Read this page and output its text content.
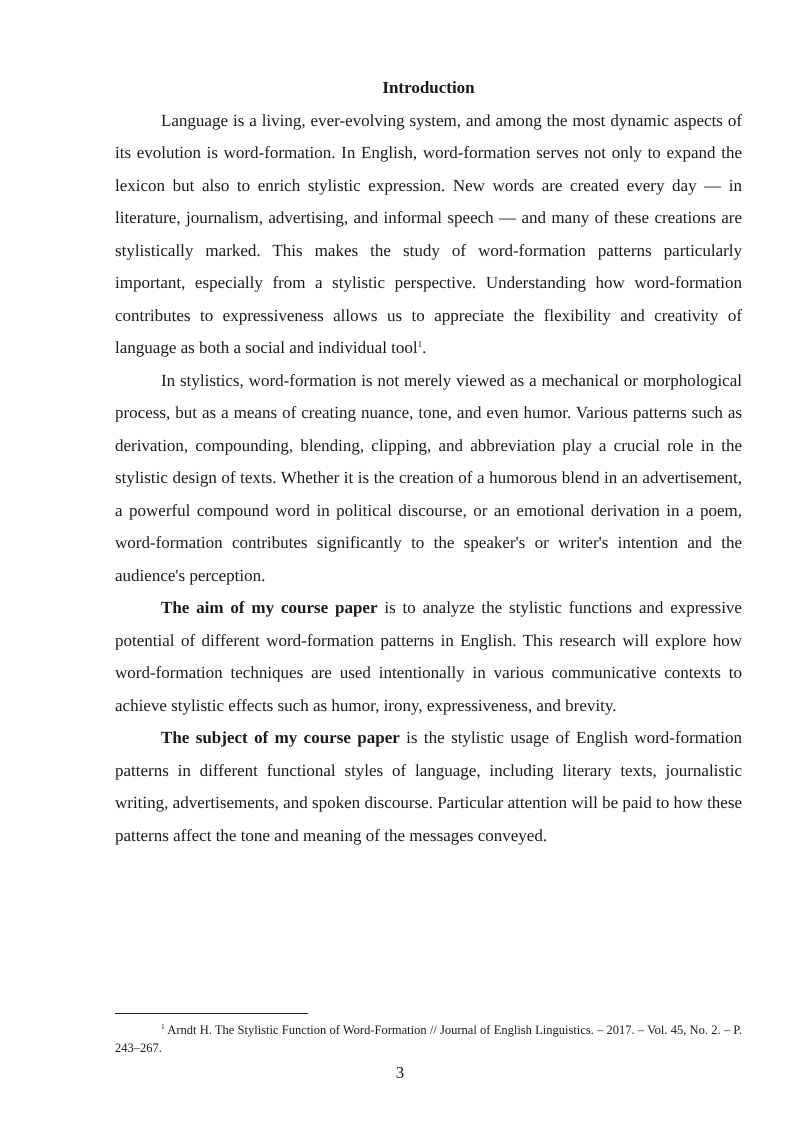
Introduction

Language is a living, ever-evolving system, and among the most dynamic aspects of its evolution is word-formation. In English, word-formation serves not only to expand the lexicon but also to enrich stylistic expression. New words are created every day — in literature, journalism, advertising, and informal speech — and many of these creations are stylistically marked. This makes the study of word-formation patterns particularly important, especially from a stylistic perspective. Understanding how word-formation contributes to expressiveness allows us to appreciate the flexibility and creativity of language as both a social and individual tool$^1$.

In stylistics, word-formation is not merely viewed as a mechanical or morphological process, but as a means of creating nuance, tone, and even humor. Various patterns such as derivation, compounding, blending, clipping, and abbreviation play a crucial role in the stylistic design of texts. Whether it is the creation of a humorous blend in an advertisement, a powerful compound word in political discourse, or an emotional derivation in a poem, word-formation contributes significantly to the speaker's or writer's intention and the audience's perception.

The aim of my course paper is to analyze the stylistic functions and expressive potential of different word-formation patterns in English. This research will explore how word-formation techniques are used intentionally in various communicative contexts to achieve stylistic effects such as humor, irony, expressiveness, and brevity.

The subject of my course paper is the stylistic usage of English word-formation patterns in different functional styles of language, including literary texts, journalistic writing, advertisements, and spoken discourse. Particular attention will be paid to how these patterns affect the tone and meaning of the messages conveyed.

$^1$ Arndt H. The Stylistic Function of Word-Formation // Journal of English Linguistics. – 2017. – Vol. 45, No. 2. – P. 243–267.
3
